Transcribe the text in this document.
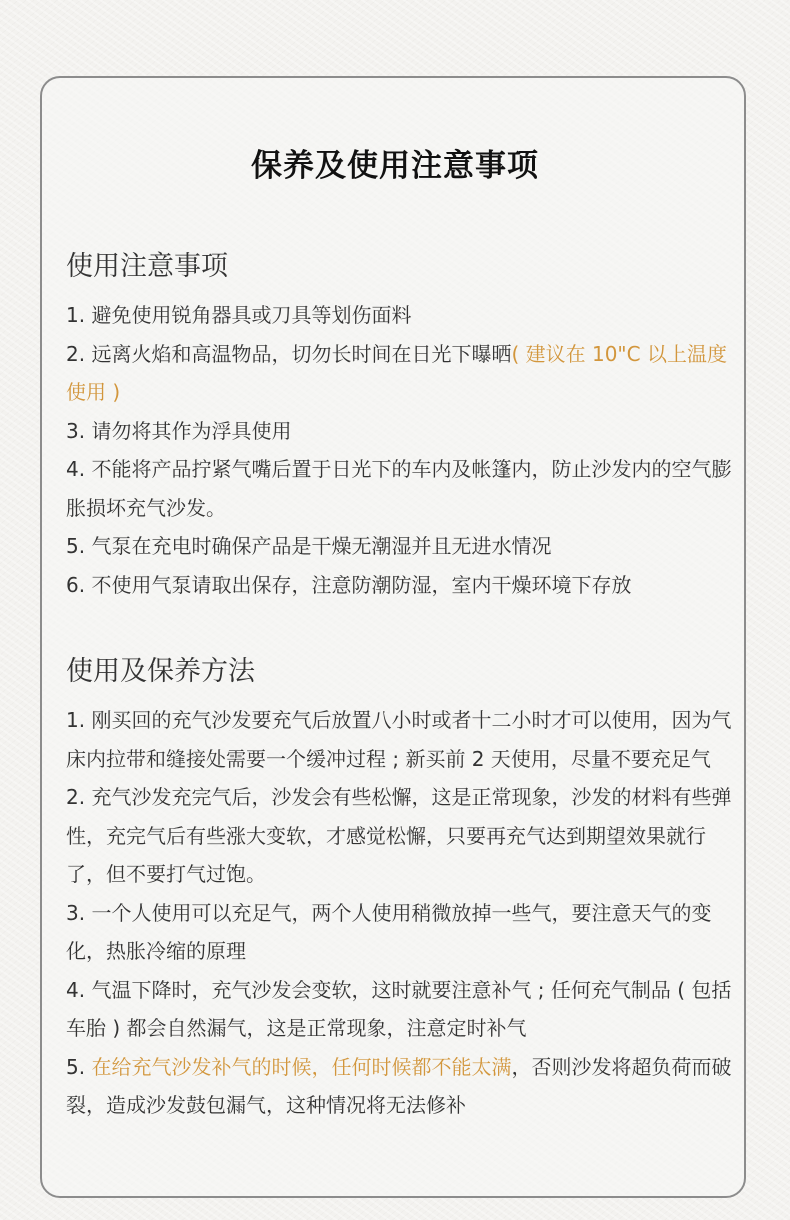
保养及使用注意事项
使用注意事项

1. 避免使用锐角器具或刀具等划伤面料

2. 远离火焰和高温物品，切勿长时间在日光下曝晒( 建议在 10"C 以上温度使用 )

3. 请勿将其作为浮具使用

4. 不能将产品拧紧气嘴后置于日光下的车内及帐篷内，防止沙发内的空气膨胀损坏充气沙发。

5. 气泵在充电时确保产品是干燥无潮湿并且无进水情况

6. 不使用气泵请取出保存，注意防潮防湿，室内干燥环境下存放

使用及保养方法

1. 刚买回的充气沙发要充气后放置八小时或者十二小时才可以使用，因为气床内拉带和缝接处需要一个缓冲过程 ; 新买前 2 天使用，尽量不要充足气

2. 充气沙发充完气后，沙发会有些松懈，这是正常现象，沙发的材料有些弹性，充完气后有些涨大变软，才感觉松懈，只要再充气达到期望效果就行了，但不要打气过饱。

3. 一个人使用可以充足气，两个人使用稍微放掉一些气，要注意天气的变化，热胀冷缩的原理

4. 气温下降时，充气沙发会变软，这时就要注意补气 ; 任何充气制品 ( 包括车胎 ) 都会自然漏气，这是正常现象，注意定时补气

5. 在给充气沙发补气的时候，任何时候都不能太满，否则沙发将超负荷而破裂，造成沙发鼓包漏气，这种情况将无法修补
